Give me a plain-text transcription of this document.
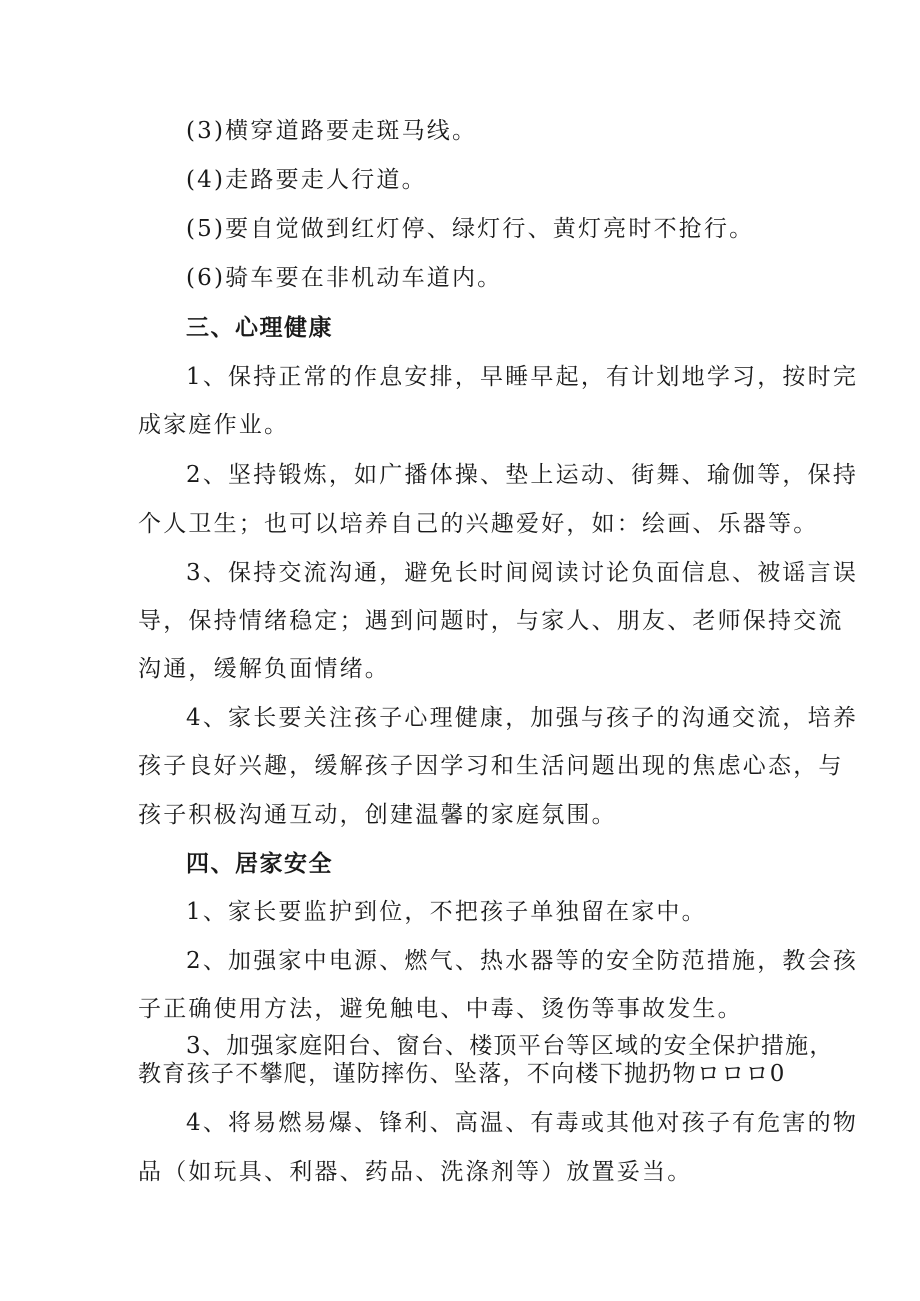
(3)横穿道路要走斑马线。
(4)走路要走人行道。
(5)要自觉做到红灯停、绿灯行、黄灯亮时不抢行。
(6)骑车要在非机动车道内。
三、心理健康
1、保持正常的作息安排，早睡早起，有计划地学习，按时完
成家庭作业。
2、坚持锻炼，如广播体操、垫上运动、街舞、瑜伽等，保持
个人卫生；也可以培养自己的兴趣爱好，如：绘画、乐器等。
3、保持交流沟通，避免长时间阅读讨论负面信息、被谣言误
导，保持情绪稳定；遇到问题时，与家人、朋友、老师保持交流
沟通，缓解负面情绪。
4、家长要关注孩子心理健康，加强与孩子的沟通交流，培养
孩子良好兴趣，缓解孩子因学习和生活问题出现的焦虑心态，与
孩子积极沟通互动，创建温馨的家庭氛围。
四、居家安全
1、家长要监护到位，不把孩子单独留在家中。
2、加强家中电源、燃气、热水器等的安全防范措施，教会孩
子正确使用方法，避免触电、中毒、烫伤等事故发生。
3、加强家庭阳台、窗台、楼顶平台等区域的安全保护措施，
教育孩子不攀爬，谨防摔伤、坠落，不向楼下抛扔物ロロロ0
4、将易燃易爆、锋利、高温、有毒或其他对孩子有危害的物
品（如玩具、利器、药品、洗涤剂等）放置妥当。
